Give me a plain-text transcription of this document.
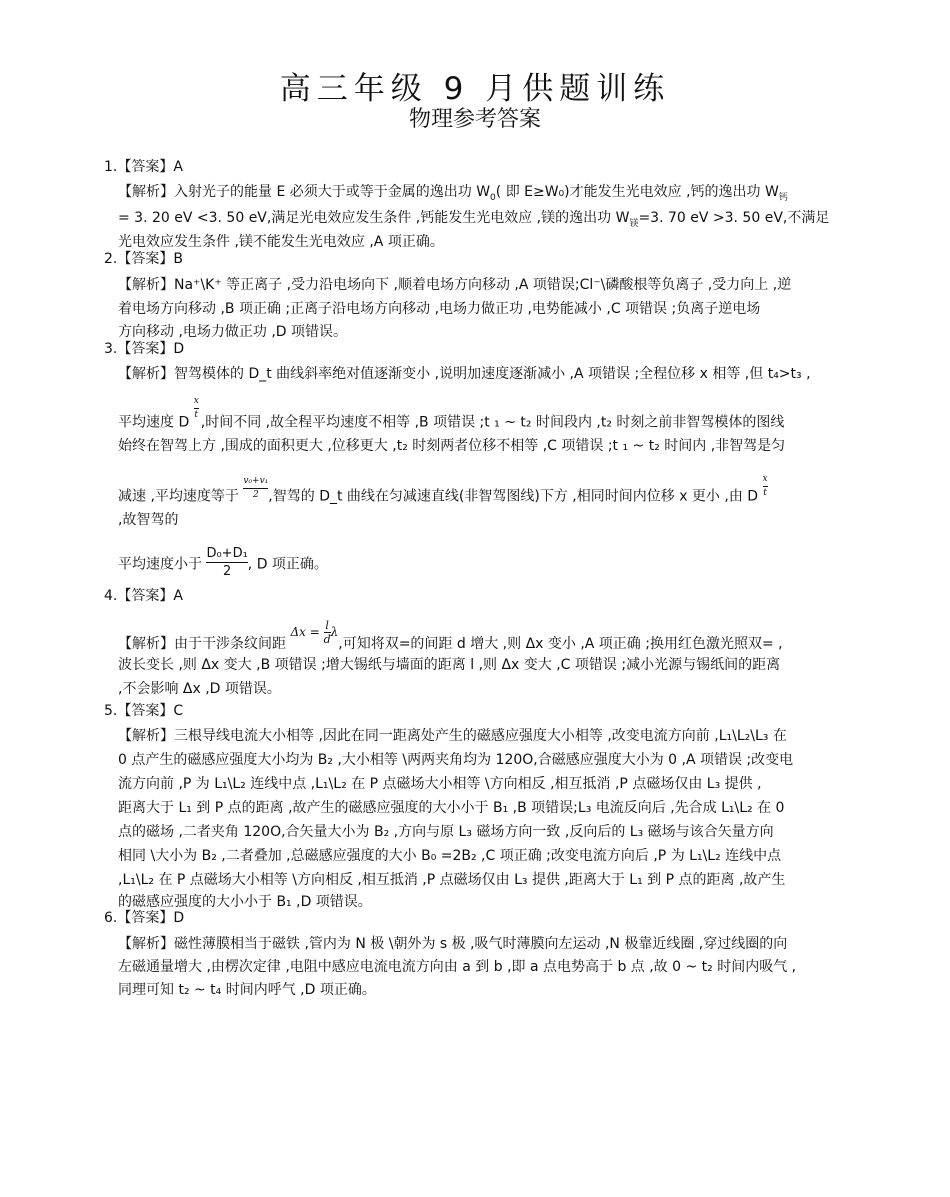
高三年级 9 月供题训练
物理参考答案
1.【答案】A
【解析】入射光子的能量 E 必须大于或等于金属的逸出功 $W_0$( 即 E≥W₀)才能发生光电效应 ,钙的逸出功 $W_钙$
= 3. 20 eV <3. 50 eV,满足光电效应发生条件 ,钙能发生光电效应 ,镁的逸出功 $W_镁=3$. 70 eV >3. 50 eV,不满足
光电效应发生条件 ,镁不能发生光电效应 ,A 项正确。
2.【答案】B
【解析】Na⁺\K⁺ 等正离子 ,受力沿电场向下 ,顺着电场方向移动 ,A 项错误;Cl⁻\磷酸根等负离子 ,受力向上 ,逆
着电场方向移动 ,B 项正确 ;正离子沿电场方向移动 ,电场力做正功 ,电势能减小 ,C 项错误 ;负离子逆电场
方向移动 ,电场力做正功 ,D 项错误。
3.【答案】D
【解析】智驾模体的 D_t 曲线斜率绝对值逐渐变小 ,说明加速度逐渐减小 ,A 项错误 ;全程位移 x 相等 ,但 t₄>t₃ ,
平均速度 D
$\frac{x}{t}$
,时间不同 ,故全程平均速度不相等 ,B 项错误 ;t ₁ ~ t₂ 时间段内 ,t₂ 时刻之前非智驾模体的图线
始终在智驾上方 ,围成的面积更大 ,位移更大 ,t₂ 时刻两者位移不相等 ,C 项错误 ;t ₁ ~ t₂ 时间内 ,非智驾是匀
减速 ,平均速度等于 $\frac{\text{v₀+v₁}}{2}$ ,智驾的 D_t 曲线在匀减速直线(非智驾图线)下方 ,相同时间内位移 x 更小 ,由 D $\frac{x}{t}$
,故智驾的
平均速度小于 $\frac{\text{D₀+D₁}}{2}$ , D 项正确。
4.【答案】A
【解析】由于干涉条纹间距 $\Delta x = \frac{l}{d} \lambda$,可知将双=的间距 d 增大 ,则 Δx 变小 ,A 项正确 ;换用红色激光照双= ,
波长变长 ,则 Δx 变大 ,B 项错误 ;增大锡纸与墙面的距离 l ,则 Δx 变大 ,C 项错误 ;减小光源与锡纸间的距离
,不会影响 Δx ,D 项错误。
5.【答案】C
【解析】三根导线电流大小相等 ,因此在同一距离处产生的磁感应强度大小相等 ,改变电流方向前 ,L₁\L₂\L₃ 在
0 点产生的磁感应强度大小均为 B₂ ,大小相等 \两两夹角均为 120O,合磁感应强度大小为 0 ,A 项错误 ;改变电
流方向前 ,P 为 L₁\L₂ 连线中点 ,L₁\L₂ 在 P 点磁场大小相等 \方向相反 ,相互抵消 ,P 点磁场仅由 L₃ 提供 ,
距离大于 L₁ 到 P 点的距离 ,故产生的磁感应强度的大小小于 B₁ ,B 项错误;L₃ 电流反向后 ,先合成 L₁\L₂ 在 0
点的磁场 ,二者夹角 120O,合矢量大小为 B₂ ,方向与原 L₃ 磁场方向一致 ,反向后的 L₃ 磁场与该合矢量方向
相同 \大小为 B₂ ,二者叠加 ,总磁感应强度的大小 B₀ =2B₂ ,C 项正确 ;改变电流方向后 ,P 为 L₁\L₂ 连线中点
,L₁\L₂ 在 P 点磁场大小相等 \方向相反 ,相互抵消 ,P 点磁场仅由 L₃ 提供 ,距离大于 L₁ 到 P 点的距离 ,故产生
的磁感应强度的大小小于 B₁ ,D 项错误。
6.【答案】D
【解析】磁性薄膜相当于磁铁 ,管内为 N 极 \朝外为 s 极 ,吸气时薄膜向左运动 ,N 极靠近线圈 ,穿过线圈的向
左磁通量增大 ,由楞次定律 ,电阻中感应电流电流方向由 a 到 b ,即 a 点电势高于 b 点 ,故 0 ~ t₂ 时间内吸气 ,
同理可知 t₂ ~ t₄ 时间内呼气 ,D 项正确。
